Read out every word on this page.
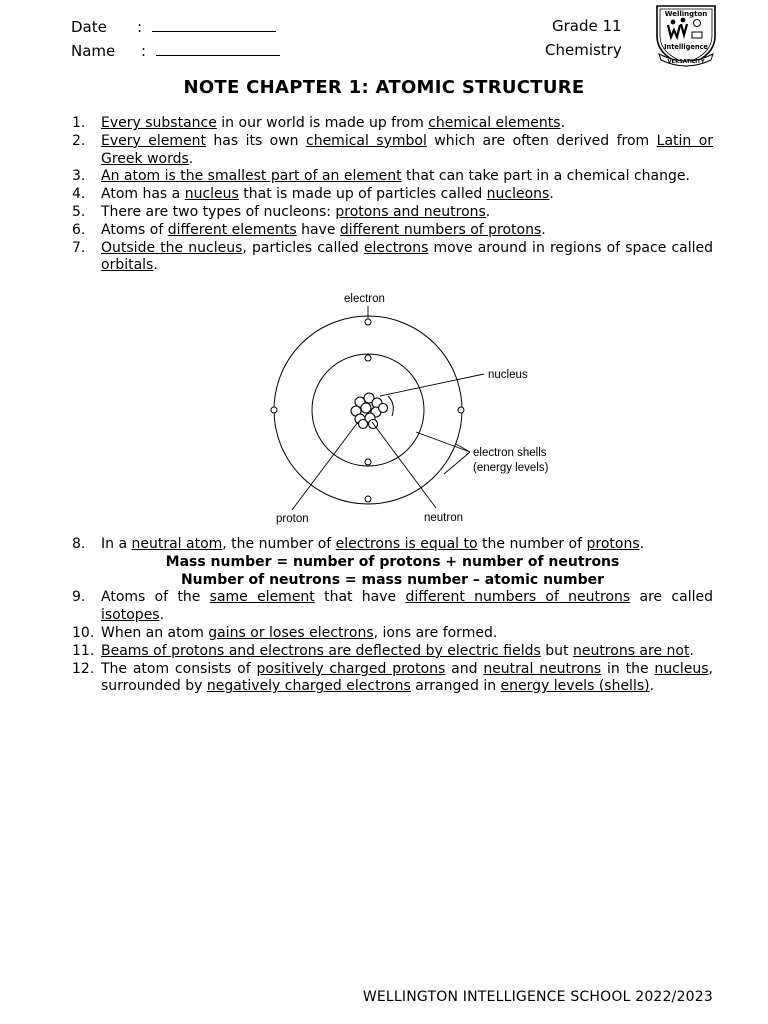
Date :
Name :
Grade 11
Chemistry
Wellington
Intelligence
VERSATILITY
NOTE CHAPTER 1: ATOMIC STRUCTURE
1.	Every substance in our world is made up from chemical elements.
2.	Every element has its own chemical symbol which are often derived from Latin or Greek words.
3.	An atom is the smallest part of an element that can take part in a chemical change.
4.	Atom has a nucleus that is made up of particles called nucleons.
5.	There are two types of nucleons: protons and neutrons.
6.	Atoms of different elements have different numbers of protons.
7.	Outside the nucleus, particles called electrons move around in regions of space called orbitals.
electron
nucleus
electron shells
(energy levels)
proton	neutron
8.	In a neutral atom, the number of electrons is equal to the number of protons.
Mass number = number of protons + number of neutrons
Number of neutrons = mass number – atomic number
9.	Atoms of the same element that have different numbers of neutrons are called isotopes.
10. When an atom gains or loses electrons, ions are formed.
11. Beams of protons and electrons are deflected by electric fields but neutrons are not.
12. The atom consists of positively charged protons and neutral neutrons in the nucleus, surrounded by negatively charged electrons arranged in energy levels (shells).
WELLINGTON INTELLIGENCE SCHOOL 2022/2023
